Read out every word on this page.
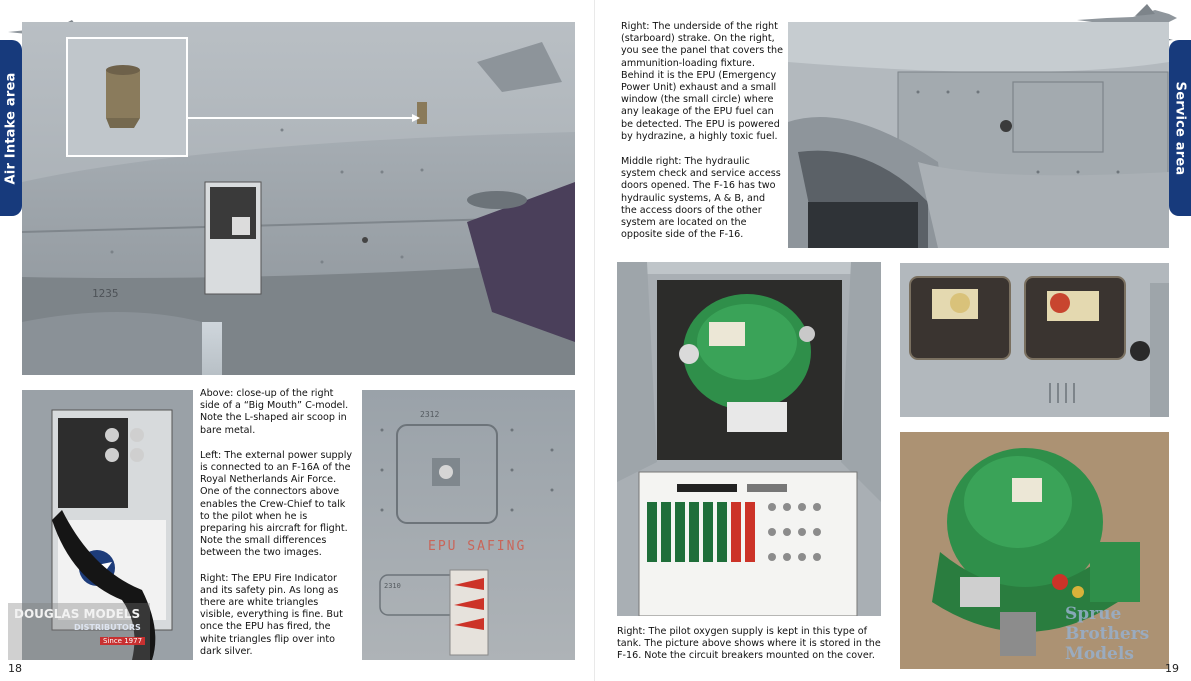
1235
Air Intake area
2312
EPU SAFING
2310

Above: close-up of the right side of a “Big Mouth” C-model. Note the L-shaped air scoop in bare metal.

Left: The external power supply is connected to an F-16A of the Royal Netherlands Air Force. One of the connectors above enables the Crew-Chief to talk to the pilot when he is preparing his aircraft for flight. Note the small differences between the two images.

Right: The EPU Fire Indicator and its safety pin. As long as there are white triangles visible, everything is fine. But once the EPU has fired, the white triangles flip over into dark silver.

DOUGLAS MODELS
DISTRIBUTORS
Since 1977
18

Right: The underside of the right (starboard) strake. On the right, you see the panel that covers the ammunition-loading fixture. Behind it is the EPU (Emergency Power Unit) exhaust and a small window (the small circle) where any leakage of the EPU fuel can be detected. The EPU is powered by hydrazine, a highly toxic fuel.

Middle right: The hydraulic system check and service access doors opened. The F-16 has two hydraulic systems, A & B, and the access doors of the other system are located on the opposite side of the F-16.

Service area

Right: The pilot oxygen supply is kept in this type of tank. The picture above shows where it is stored in the F-16. Note the circuit breakers mounted on the cover.

Sprue
Brothers
Models
19
